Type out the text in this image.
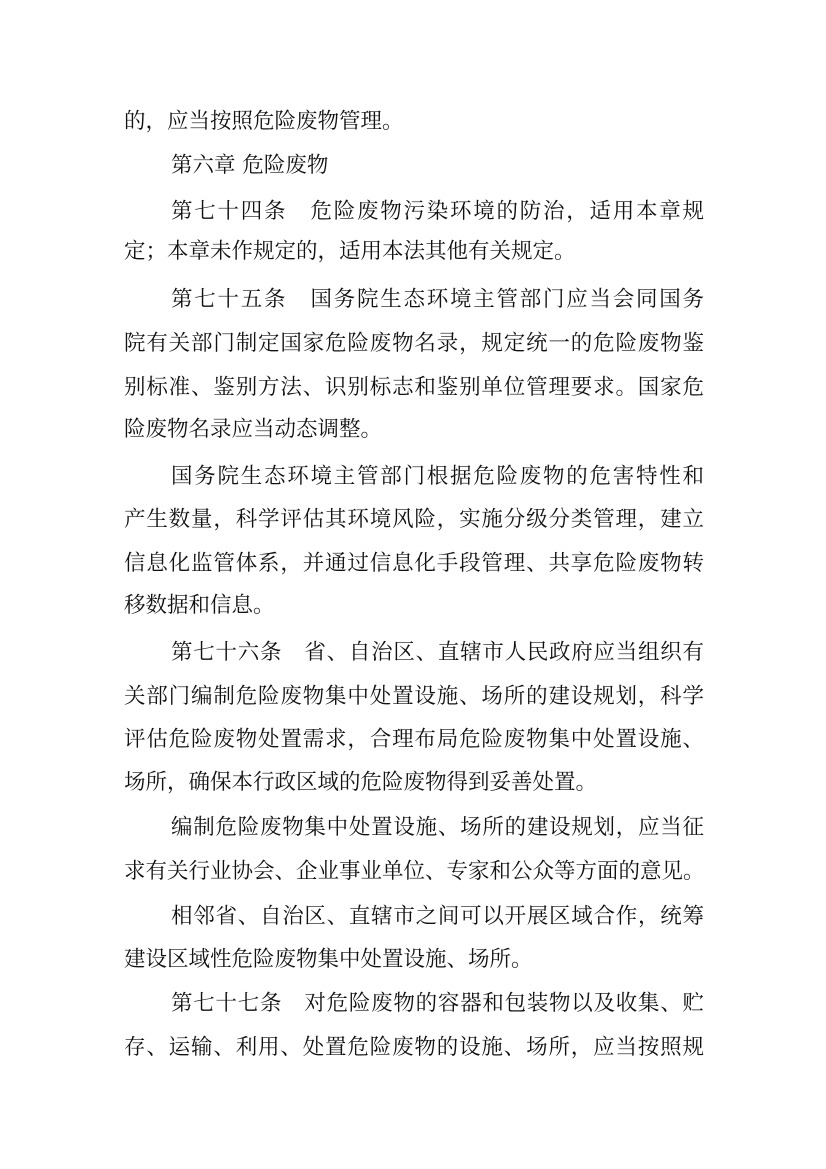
的，应当按照危险废物管理。
第六章 危险废物
第七十四条　危险废物污染环境的防治，适用本章规
定；本章未作规定的，适用本法其他有关规定。
第七十五条　国务院生态环境主管部门应当会同国务
院有关部门制定国家危险废物名录，规定统一的危险废物鉴
别标准、鉴别方法、识别标志和鉴别单位管理要求。国家危
险废物名录应当动态调整。
国务院生态环境主管部门根据危险废物的危害特性和
产生数量，科学评估其环境风险，实施分级分类管理，建立
信息化监管体系，并通过信息化手段管理、共享危险废物转
移数据和信息。
第七十六条　省、自治区、直辖市人民政府应当组织有
关部门编制危险废物集中处置设施、场所的建设规划，科学
评估危险废物处置需求，合理布局危险废物集中处置设施、
场所，确保本行政区域的危险废物得到妥善处置。
编制危险废物集中处置设施、场所的建设规划，应当征
求有关行业协会、企业事业单位、专家和公众等方面的意见。
相邻省、自治区、直辖市之间可以开展区域合作，统筹
建设区域性危险废物集中处置设施、场所。
第七十七条　对危险废物的容器和包装物以及收集、贮
存、运输、利用、处置危险废物的设施、场所，应当按照规
